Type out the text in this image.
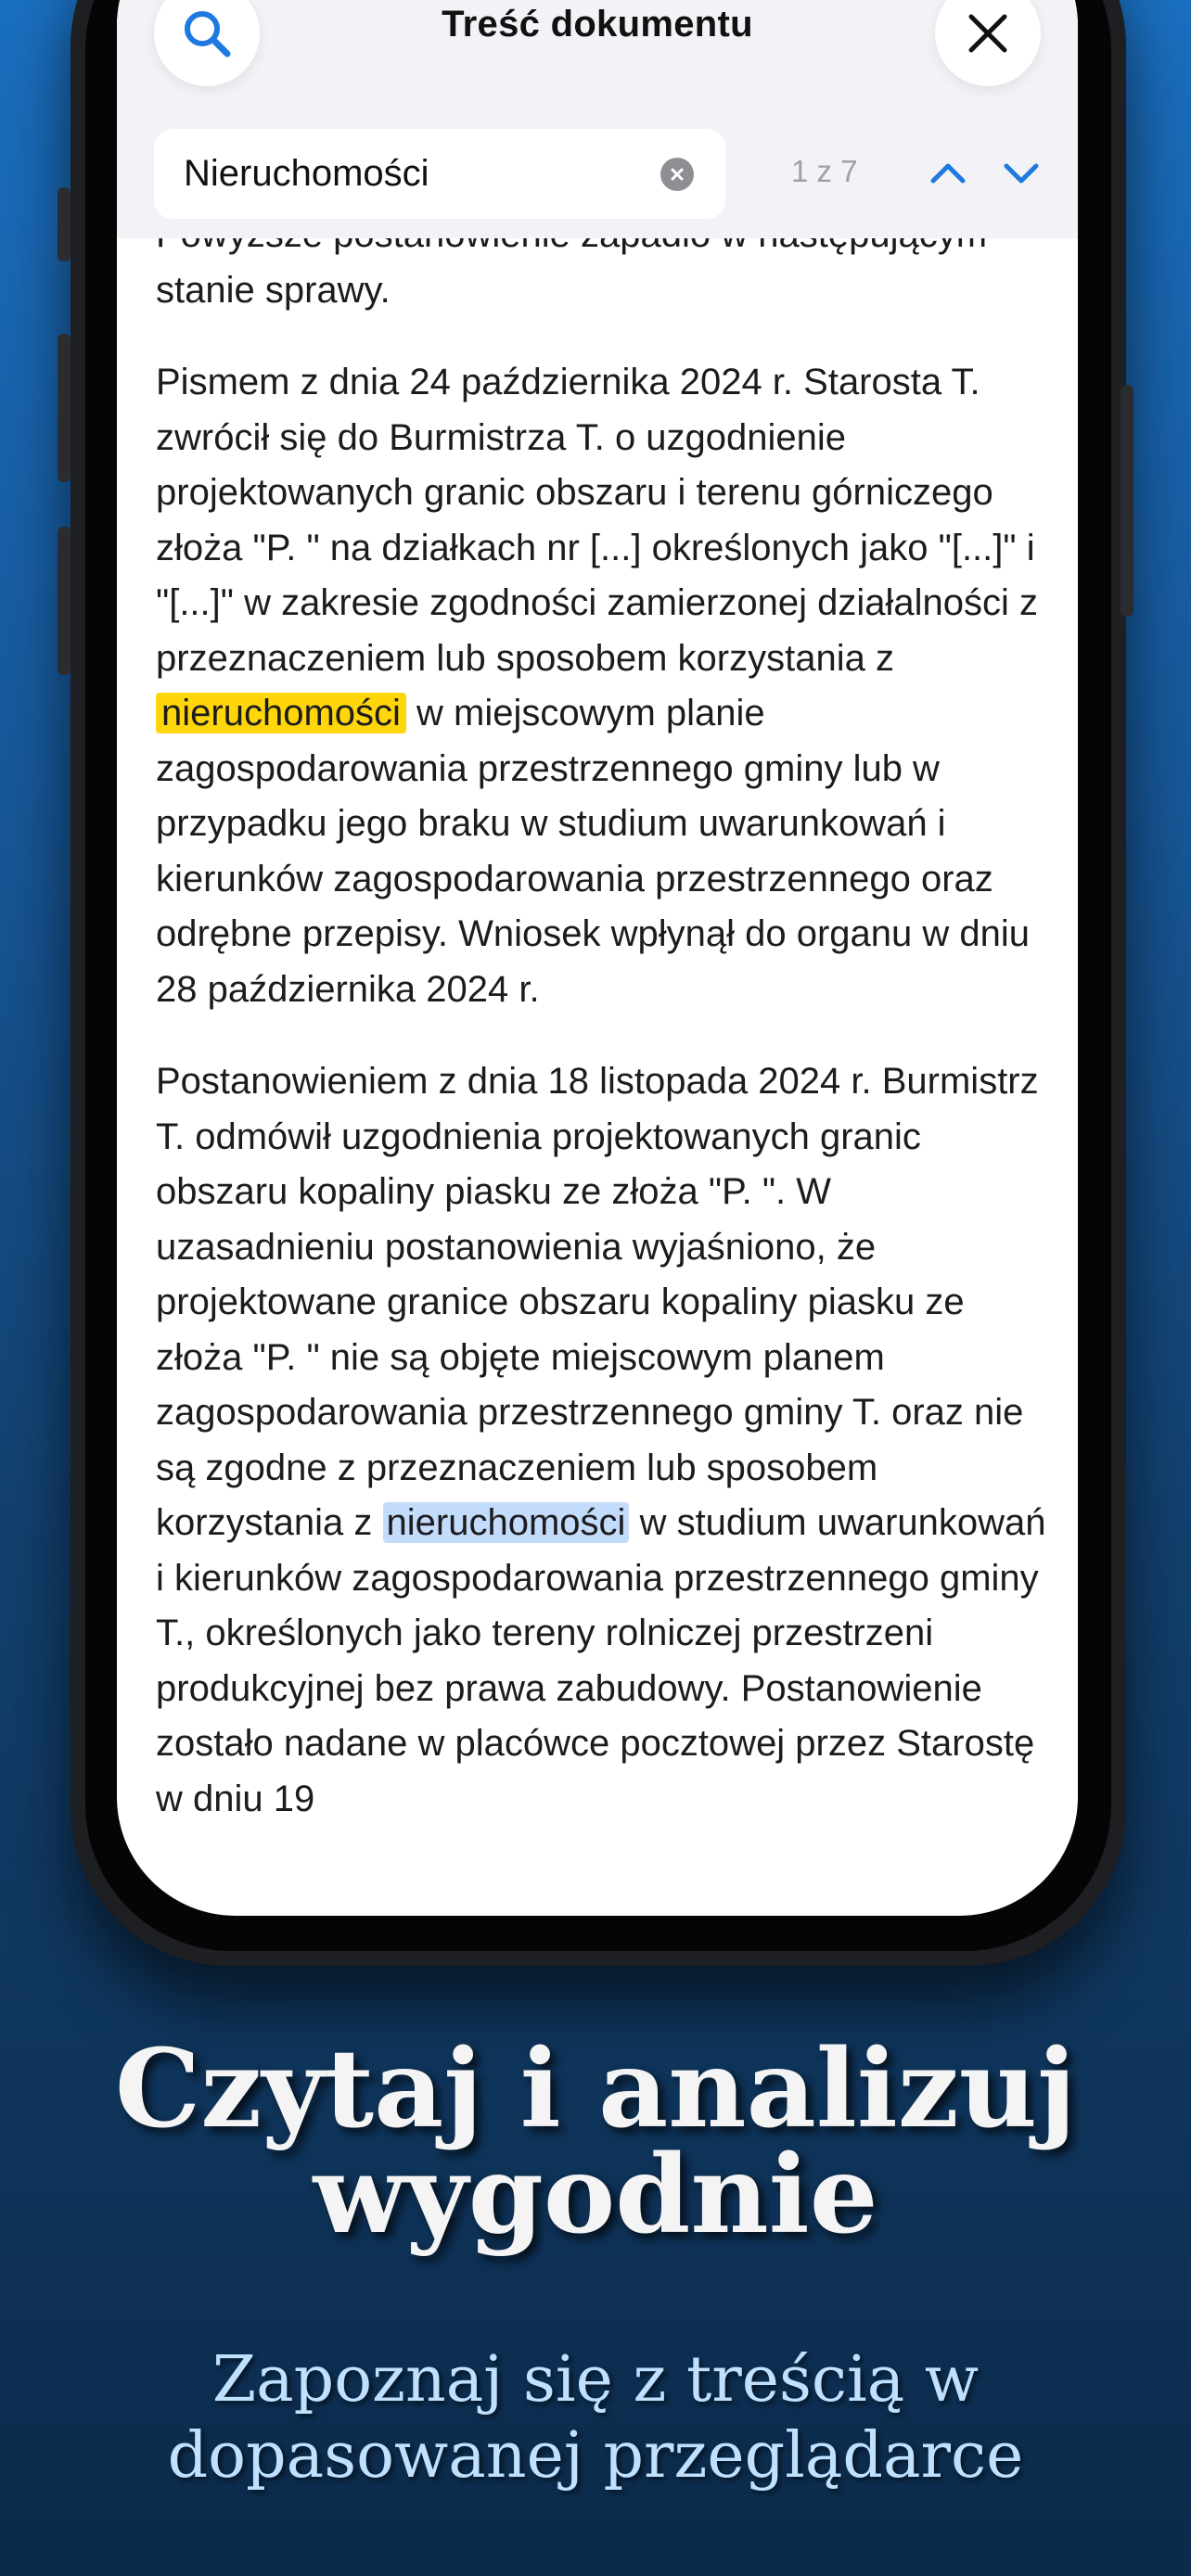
Treść dokumentu
Nieruchomości	1 z 7

stanie sprawy.

Pismem z dnia 24 października 2024 r. Starosta T. zwrócił się do Burmistrza T. o uzgodnienie projektowanych granic obszaru i terenu górniczego złoża "P. " na działkach nr [...] określonych jako "[...]" i "[...]" w zakresie zgodności zamierzonej działalności z przeznaczeniem lub sposobem korzystania z nieruchomości w miejscowym planie zagospodarowania przestrzennego gminy lub w przypadku jego braku w studium uwarunkowań i kierunków zagospodarowania przestrzennego oraz odrębne przepisy. Wniosek wpłynął do organu w dniu 28 października 2024 r.

Postanowieniem z dnia 18 listopada 2024 r. Burmistrz T. odmówił uzgodnienia projektowanych granic obszaru kopaliny piasku ze złoża "P. ". W uzasadnieniu postanowienia wyjaśniono, że projektowane granice obszaru kopaliny piasku ze złoża "P. " nie są objęte miejscowym planem zagospodarowania przestrzennego gminy T. oraz nie są zgodne z przeznaczeniem lub sposobem korzystania z nieruchomości w studium uwarunkowań i kierunków zagospodarowania przestrzennego gminy T., określonych jako tereny rolniczej przestrzeni produkcyjnej bez prawa zabudowy. Postanowienie zostało nadane w placówce pocztowej przez Starostę w dniu 19

Czytaj i analizuj
wygodnie
Zapoznaj się z treścią w
dopasowanej przeglądarce
